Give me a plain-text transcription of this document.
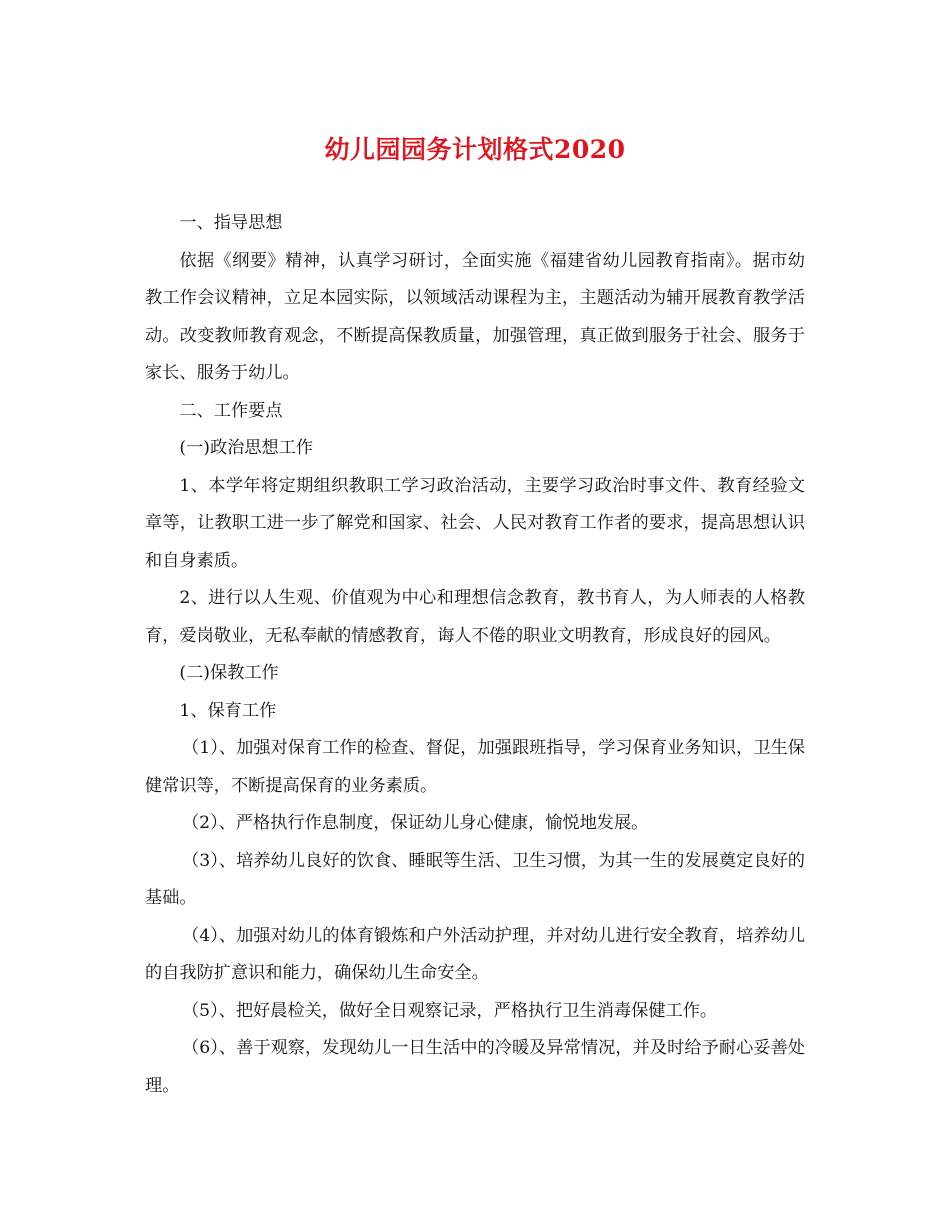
幼儿园园务计划格式2020

一、指导思想

依据《纲要》精神，认真学习研讨，全面实施《福建省幼儿园教育指南》。据市幼教工作会议精神，立足本园实际，以领域活动课程为主，主题活动为辅开展教育教学活动。改变教师教育观念，不断提高保教质量，加强管理，真正做到服务于社会、服务于家长、服务于幼儿。

二、工作要点

(一)政治思想工作

1、本学年将定期组织教职工学习政治活动，主要学习政治时事文件、教育经验文章等，让教职工进一步了解党和国家、社会、人民对教育工作者的要求，提高思想认识和自身素质。

2、进行以人生观、价值观为中心和理想信念教育，教书育人，为人师表的人格教育，爱岗敬业，无私奉献的情感教育，诲人不倦的职业文明教育，形成良好的园风。

(二)保教工作

1、保育工作

（1）、加强对保育工作的检查、督促，加强跟班指导，学习保育业务知识，卫生保健常识等，不断提高保育的业务素质。

（2）、严格执行作息制度，保证幼儿身心健康，愉悦地发展。

（3）、培养幼儿良好的饮食、睡眠等生活、卫生习惯，为其一生的发展奠定良好的基础。

（4）、加强对幼儿的体育锻炼和户外活动护理，并对幼儿进行安全教育，培养幼儿的自我防扩意识和能力，确保幼儿生命安全。

（5）、把好晨检关，做好全日观察记录，严格执行卫生消毒保健工作。

（6）、善于观察，发现幼儿一日生活中的冷暖及异常情况，并及时给予耐心妥善处理。
